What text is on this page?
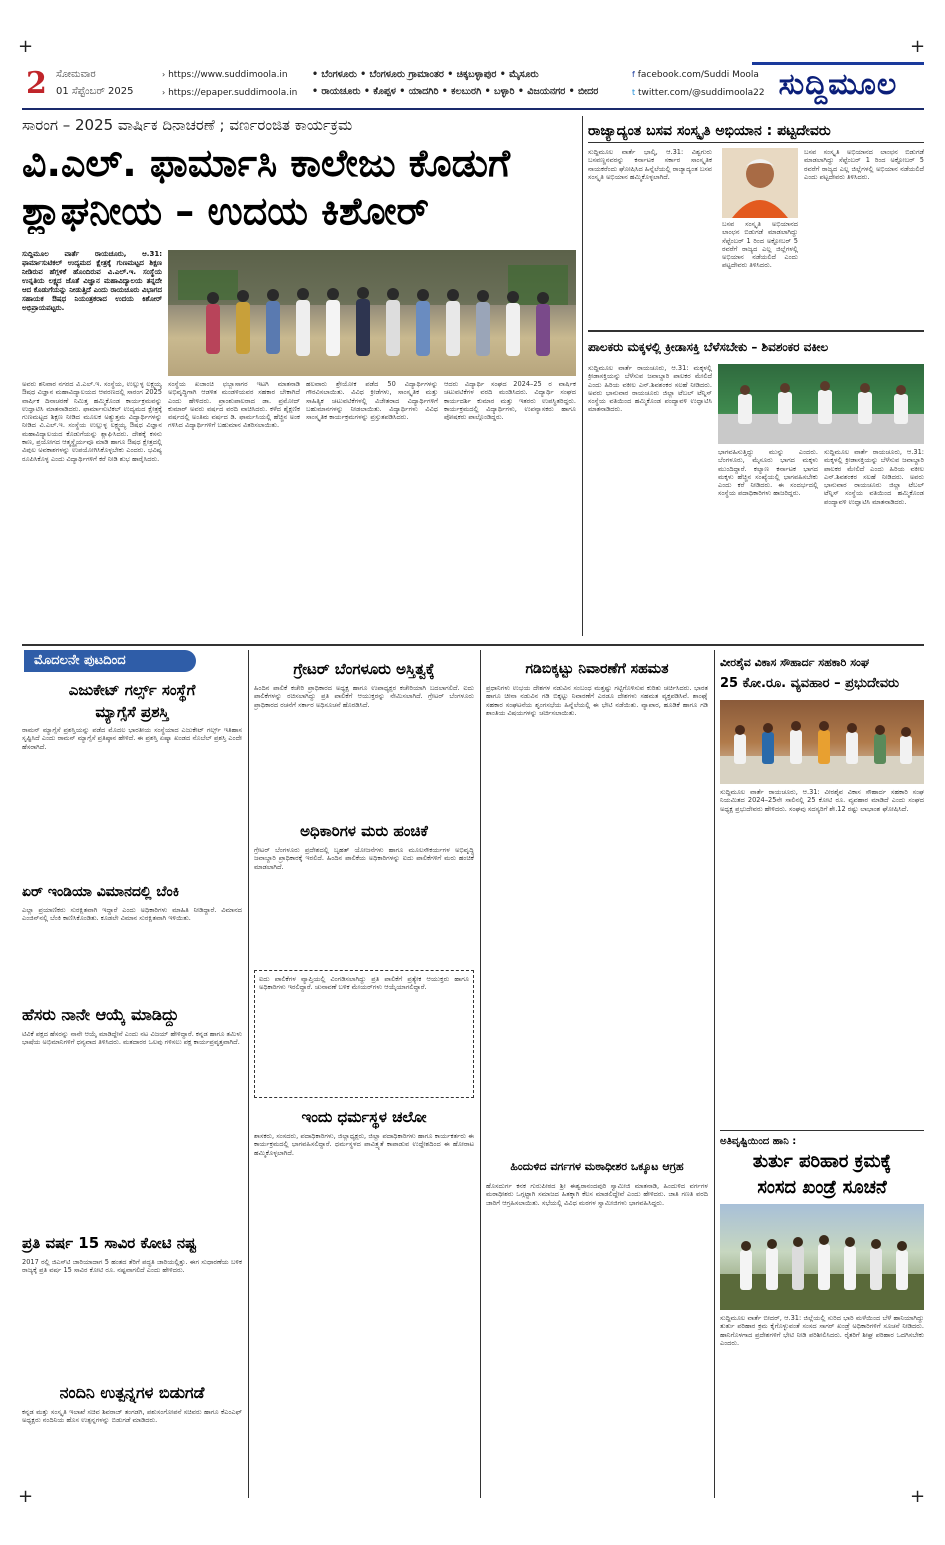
+	+
+	+
2 ಸೋಮವಾರ
01 ಸೆಪ್ಟೆಂಬರ್ 2025
› https://www.suddimoola.in
› https://epaper.suddimoola.in
• ಬೆಂಗಳೂರು • ಬೆಂಗಳೂರು ಗ್ರಾಮಾಂತರ • ಚಿಕ್ಕಬಳ್ಳಾಪುರ • ಮೈಸೂರು
• ರಾಯಚೂರು • ಕೊಪ್ಪಳ • ಯಾದಗಿರಿ • ಕಲಬುರಗಿ • ಬಳ್ಳಾರಿ • ವಿಜಯನಗರ • ಬೀದರ
f facebook.com/Suddi Moola
t twitter.com/@suddimoola22 ಸುದ್ದಿಮೂಲ
ಸಾರಂಗ – 2025 ವಾರ್ಷಿಕ ದಿನಾಚರಣೆ ; ವರ್ಣರಂಜಿತ ಕಾರ್ಯಕ್ರಮ
ವಿ.ಎಲ್. ಫಾರ್ಮಾಸಿ ಕಾಲೇಜು ಕೊಡುಗೆ
ಶ್ಲಾಘನೀಯ – ಉದಯ ಕಿಶೋರ್
ಸುದ್ದಿಮೂಲ ವಾರ್ತೆ ರಾಯಚೂರು, ಆ.31: ಫಾರ್ಮಾಸುಟಿಕಲ್ ಉದ್ಯಮದ ಕ್ಷೇತ್ರಕ್ಕೆ ಗುಣಮಟ್ಟದ ಶಿಕ್ಷಣ ನೀಡಿರುವ ಹೆಗ್ಗಳಿಕೆ ಹೊಂದಿರುವ ವಿ.ಎಲ್.ಇ. ಸಂಸ್ಥೆಯ ಉನ್ನತಿಯ ಲಕ್ಷ್ಯದ ಜೊತೆ ವಿಜ್ಞಾನ ಮಹಾವಿದ್ಯಾಲಯ ತನ್ನದೇ ಆದ ಕೊಡುಗೆಯನ್ನು ನೀಡುತ್ತಿದೆ ಎಂದು ರಾಯಚೂರು ವಿಭಾಗದ ಸಹಾಯಕ ಔಷಧ ನಿಯಂತ್ರಕರಾದ ಉದಯ ಕಿಶೋರ್ ಅಭಿಪ್ರಾಯಪಟ್ಟರು.
ಅವರು ಶನಿವಾರ ನಗರದ ವಿ.ಎಲ್.ಇ. ಸಂಸ್ಥೆಯ, ಉಲ್ಲುಳ್ಳ ಲಕ್ಷ್ಮಯ್ಯ ಔಷಧ ವಿಜ್ಞಾನ ಮಹಾವಿದ್ಯಾಲಯದ ಆವರಣದಲ್ಲಿ ಸಾರಂಗ 2025 ವಾರ್ಷಿಕ ದಿನಾಚರಣೆ ನಿಮಿತ್ತ ಹಮ್ಮಿಕೊಂಡ ಕಾರ್ಯಕ್ರಮವನ್ನು ಉದ್ಘಾಟಿಸಿ ಮಾತನಾಡಿದರು. ಫಾರ್ಮಾಸುಟಿಕಲ್ ಉದ್ಯಮದ ಕ್ಷೇತ್ರಕ್ಕೆ ಗುಣಮಟ್ಟದ ಶಿಕ್ಷಣ ನೀಡಿದ ಮೂಲಕ ಅತ್ಯುತ್ತಮ ವಿದ್ಯಾರ್ಥಿಗಳನ್ನು ನೀಡಿದ ವಿ.ಎಲ್.ಇ. ಸಂಸ್ಥೆಯ ಉಲ್ಲುಳ್ಳ ಲಕ್ಷ್ಮಯ್ಯ ಔಷಧ ವಿಜ್ಞಾನ ಮಹಾವಿದ್ಯಾಲಯದ ಕೊಡುಗೆಯನ್ನು ಶ್ಲಾಘಿಸಿದರು. ದೇಶಕ್ಕೆ ಕಸನು ಕಾಣ, ಪ್ರಯೋಗದ ಆತ್ಮಸ್ಥೈರ್ಯವೂ ಮಾಡಿ ಹಾಗೂ ಔಷಧ ಕ್ಷೇತ್ರದಲ್ಲಿ ವಿಪುಲ ಅವಕಾಶಗಳನ್ನು ಉಪಯೋಗಿಸಿಕೊಳ್ಳಬೇಕು ಎಂದರು. ಭವಿಷ್ಯ ರೂಪಿಸಿಕೊಳ್ಳ ಎಂದು ವಿದ್ಯಾರ್ಥಿಗಳಿಗೆ ಕರೆ ನೀಡಿ ಶುಭ ಹಾರೈಸಿದರು.
ಸಂಸ್ಥೆಯ ಖಜಾಂಚಿ ಛಬ್ಬಾಸಾಗರ ಇಟಗಿ ಮಾತನಾಡಿ ಅಭಿವೃದ್ಧಿಗಾಗಿ ಆಡಳಿತ ಮಂಡಳಿಯವರ ಸಹಕಾರ ಬೇಕಾಗಿದೆ ಎಂದು ಹೇಳಿದರು. ಪ್ರಾಂಶುಪಾಲರಾದ ಡಾ. ಪ್ರಮೋದ್ ಕುಮಾರ್ ಅವರು ವರ್ಷದ ವರದಿ ವಾಚಿಸಿದರು. ಕಳೆದ ಶೈಕ್ಷಣಿಕ ವರ್ಷದಲ್ಲಿ ಅಂತಿಮ ವರ್ಷದ ಡಿ. ಫಾರ್ಮಸಿಯಲ್ಲಿ ಹೆಚ್ಚಿನ ಅಂಕ ಗಳಿಸಿದ ವಿದ್ಯಾರ್ಥಿಗಳಿಗೆ ಬಹುಮಾನ ವಿತರಿಸಲಾಯಿತು.
ಹಲವಾರು ಶ್ರೇಯೋಕ ಪಡೆದ 50 ವಿದ್ಯಾರ್ಥಿಗಳನ್ನು ಗೌರವಿಸಲಾಯಿತು. ವಿವಿಧ ಕ್ರೀಡೆಗಳು, ಸಾಂಸ್ಕೃತಿಕ ಮತ್ತು ಸಾಹಿತ್ಯಿಕ ಚಟುವಟಿಕೆಗಳಲ್ಲಿ ವಿಜೇತರಾದ ವಿದ್ಯಾರ್ಥಿಗಳಿಗೆ ಬಹುಮಾನಗಳನ್ನು ನೀಡಲಾಯಿತು. ವಿದ್ಯಾರ್ಥಿಗಳು ವಿವಿಧ ಸಾಂಸ್ಕೃತಿಕ ಕಾರ್ಯಕ್ರಮಗಳನ್ನು ಪ್ರಸ್ತುತಪಡಿಸಿದರು.
ಆದರು ವಿದ್ಯಾರ್ಥಿ ಸಂಘದ 2024–25 ರ ವಾರ್ಷಿಕ ಚಟುವಟಿಕೆಗಳ ವರದಿ ಮಂಡಿಸಿದರು. ವಿದ್ಯಾರ್ಥಿ ಸಂಘದ ಕಾರ್ಯದರ್ಶಿ ಕುಮಾರ ಮತ್ತು ಇತರರು ಉಪಸ್ಥಿತರಿದ್ದರು. ಕಾರ್ಯಕ್ರಮದಲ್ಲಿ ವಿದ್ಯಾರ್ಥಿಗಳು, ಉಪನ್ಯಾಸಕರು ಹಾಗೂ ಪೋಷಕರು ಪಾಲ್ಗೊಂಡಿದ್ದರು.
ರಾಜ್ಯಾದ್ಯಂತ ಬಸವ ಸಂಸ್ಕೃತಿ ಅಭಿಯಾನ : ಪಟ್ಟದೇವರು
ಸುದ್ದಿಮೂಲ ವಾರ್ತೆ ಭಾಲ್ಕಿ, ಆ.31: ವಿಶ್ವಗುರು ಬಸವಣ್ಣನವರನ್ನು ಕರ್ನಾಟಕ ಸರ್ಕಾರ ಸಾಂಸ್ಕೃತಿಕ ನಾಯಕರೆಂದು ಘೋಷಿಸಿದ ಹಿನ್ನೆಲೆಯಲ್ಲಿ ರಾಜ್ಯಾದ್ಯಂತ ಬಸವ ಸಂಸ್ಕೃತಿ ಅಭಿಯಾನ ಹಮ್ಮಿಕೊಳ್ಳಲಾಗಿದೆ.
ಬಸವ ಸಂಸ್ಕೃತಿ ಅಭಿಯಾನದ ಲಾಂಛನ ಬಿಡುಗಡೆ ಮಾಡಲಾಗಿದ್ದು ಸೆಪ್ಟೆಂಬರ್ 1 ರಿಂದ ಅಕ್ಟೋಬರ್ 5 ರವರೆಗೆ ರಾಜ್ಯದ ಎಲ್ಲ ಜಿಲ್ಲೆಗಳಲ್ಲಿ ಅಭಿಯಾನ ನಡೆಯಲಿದೆ ಎಂದು ಪಟ್ಟದೇವರು ತಿಳಿಸಿದರು.
ಬಸವ ಸಂಸ್ಕೃತಿ ಅಭಿಯಾನದ ಲಾಂಛನ ಬಿಡುಗಡೆ ಮಾಡಲಾಗಿದ್ದು ಸೆಪ್ಟೆಂಬರ್ 1 ರಿಂದ ಅಕ್ಟೋಬರ್ 5 ರವರೆಗೆ ರಾಜ್ಯದ ಎಲ್ಲ ಜಿಲ್ಲೆಗಳಲ್ಲಿ ಅಭಿಯಾನ ನಡೆಯಲಿದೆ ಎಂದು ಪಟ್ಟದೇವರು ತಿಳಿಸಿದರು.
ಪಾಲಕರು ಮಕ್ಕಳಲ್ಲಿ ಕ್ರೀಡಾಸಕ್ತಿ ಬೆಳೆಸಬೇಕು – ಶಿವಶಂಕರ ವಕೀಲ
ಸುದ್ದಿಮೂಲ ವಾರ್ತೆ ರಾಯಚೂರು, ಆ.31: ಮಕ್ಕಳಲ್ಲಿ ಕ್ರೀಡಾಸಕ್ತಿಯನ್ನು ಬೆಳೆಸುವ ಜವಾಬ್ದಾರಿ ಪಾಲಕರ ಮೇಲಿದೆ ಎಂದು ಹಿರಿಯ ವಕೀಲ ಎನ್.ಶಿವಶಂಕರ ಸಲಹೆ ನೀಡಿದರು. ಅವರು ಭಾನುವಾರ ರಾಯಚೂರು ಜಿಲ್ಲಾ ಟೆಬಲ್ ಟೆನ್ನಿಸ್ ಸಂಸ್ಥೆಯ ವತಿಯಿಂದ ಹಮ್ಮಿಕೊಂಡ ಪಂದ್ಯಾವಳಿ ಉದ್ಘಾಟಿಸಿ ಮಾತನಾಡಿದರು.
ಭಾಗವಹಿಸುತ್ತಿದ್ದು ಮುನ್ನು ಎಂದರು. ಬೆಂಗಳೂರು, ಮೈಸೂರು ಭಾಗದ ಮಕ್ಕಳು ಮುಂದಿದ್ದಾರೆ. ಕಲ್ಯಾಣ ಕರ್ನಾಟಕ ಭಾಗದ ಮಕ್ಕಳು ಹೆಚ್ಚಿನ ಸಂಖ್ಯೆಯಲ್ಲಿ ಭಾಗವಹಿಸಬೇಕು ಎಂದು ಕರೆ ನೀಡಿದರು. ಈ ಸಂದರ್ಭದಲ್ಲಿ ಸಂಸ್ಥೆಯ ಪದಾಧಿಕಾರಿಗಳು ಹಾಜರಿದ್ದರು.
ಸುದ್ದಿಮೂಲ ವಾರ್ತೆ ರಾಯಚೂರು, ಆ.31: ಮಕ್ಕಳಲ್ಲಿ ಕ್ರೀಡಾಸಕ್ತಿಯನ್ನು ಬೆಳೆಸುವ ಜವಾಬ್ದಾರಿ ಪಾಲಕರ ಮೇಲಿದೆ ಎಂದು ಹಿರಿಯ ವಕೀಲ ಎನ್.ಶಿವಶಂಕರ ಸಲಹೆ ನೀಡಿದರು. ಅವರು ಭಾನುವಾರ ರಾಯಚೂರು ಜಿಲ್ಲಾ ಟೆಬಲ್ ಟೆನ್ನಿಸ್ ಸಂಸ್ಥೆಯ ವತಿಯಿಂದ ಹಮ್ಮಿಕೊಂಡ ಪಂದ್ಯಾವಳಿ ಉದ್ಘಾಟಿಸಿ ಮಾತನಾಡಿದರು.
ಮೊದಲನೇ ಪುಟದಿಂದ
ಎಜುಕೇಟ್ ಗರ್ಲ್ಸ್ ಸಂಸ್ಥೆಗೆ
ಮ್ಯಾಗ್ಸೆಸೆ ಪ್ರಶಸ್ತಿ
ರಾಮನ್ ಮ್ಯಾಗ್ಸೆಸೆ ಪ್ರಶಸ್ತಿಯನ್ನು ಪಡೆದ ಮೊದಲ ಭಾರತೀಯ ಸಂಸ್ಥೆಯಾದ ಎಜುಕೇಟ್ ಗರ್ಲ್ಸ್ ಇತಿಹಾಸ ಸೃಷ್ಟಿಸಿದೆ ಎಂದು ರಾಮನ್ ಮ್ಯಾಗ್ಸೆಸೆ ಪ್ರತಿಷ್ಠಾನ ಹೇಳಿದೆ. ಈ ಪ್ರಶಸ್ತಿ ಏಷ್ಯಾ ಖಂಡದ ನೊಬೆಲ್ ಪ್ರಶಸ್ತಿ ಎಂದೇ ಹೆಸರಾಗಿದೆ.
ಏರ್ ಇಂಡಿಯಾ ವಿಮಾನದಲ್ಲಿ ಬೆಂಕಿ
ಎಲ್ಲಾ ಪ್ರಯಾಣಿಕರು ಸುರಕ್ಷಿತವಾಗಿ ಇದ್ದಾರೆ ಎಂದು ಅಧಿಕಾರಿಗಳು ಮಾಹಿತಿ ನೀಡಿದ್ದಾರೆ. ವಿಮಾನದ ಎಂಜಿನ್‌ನಲ್ಲಿ ಬೆಂಕಿ ಕಾಣಿಸಿಕೊಂಡಿತು. ಕೂಡಲೇ ವಿಮಾನ ಸುರಕ್ಷಿತವಾಗಿ ಇಳಿಯಿತು.
ಹೆಸರು ನಾನೇ ಆಯ್ಕೆ ಮಾಡಿದ್ದು
ಟಿವಿಕೆ ಪಕ್ಷದ ಹೆಸರನ್ನು ನಾನೇ ಆಯ್ಕೆ ಮಾಡಿದ್ದೇನೆ ಎಂದು ನಟ ವಿಜಯ್ ಹೇಳಿದ್ದಾರೆ. ಕನ್ನಡ ಹಾಗೂ ತಮಿಳು ಭಾಷೆಯ ಅಭಿಮಾನಿಗಳಿಗೆ ಧನ್ಯವಾದ ತಿಳಿಸಿದರು. ಮತದಾರರ ಒಲವು ಗಳಿಸಲು ಪಕ್ಷ ಕಾರ್ಯಪ್ರವೃತ್ತವಾಗಿದೆ.
ಪ್ರತಿ ವರ್ಷ 15 ಸಾವಿರ ಕೋಟಿ ನಷ್ಟ
2017 ರಲ್ಲಿ ಜಿಎಸ್‌ಟಿ ಜಾರಿಯಾದಾಗ 5 ಹಂತದ ತೆರಿಗೆ ಪದ್ಧತಿ ಜಾರಿಯಲ್ಲಿತ್ತು. ಈಗ ಸುಧಾರಣೆಯ ಬಳಿಕ ರಾಜ್ಯಕ್ಕೆ ಪ್ರತಿ ವರ್ಷ 15 ಸಾವಿರ ಕೋಟಿ ರೂ. ನಷ್ಟವಾಗಲಿದೆ ಎಂದು ಹೇಳಿದರು.
ನಂದಿನಿ ಉತ್ಪನ್ನಗಳ ಬಿಡುಗಡೆ
ಕನ್ನಡ ಮತ್ತು ಸಂಸ್ಕೃತಿ ಇಲಾಖೆ ಸಚಿವ ಶಿವರಾಜ್ ತಂಗಡಗಿ, ಪಶುಸಂಗೋಪನೆ ಸಚಿವರು ಹಾಗೂ ಕೆಎಂಎಫ್ ಅಧ್ಯಕ್ಷರು ನಂದಿನಿಯ ಹೊಸ ಉತ್ಪನ್ನಗಳನ್ನು ಬಿಡುಗಡೆ ಮಾಡಿದರು.
ಗ್ರೇಟರ್ ಬೆಂಗಳೂರು ಅಸ್ತಿತ್ವಕ್ಕೆ
ಹಿಂದಿನ ಪಾಲಿಕೆ ಕಚೇರಿ ಪ್ರಾಧಿಕಾರದ ಅಧ್ಯಕ್ಷ ಹಾಗೂ ಉಪಾಧ್ಯಕ್ಷರ ಕಚೇರಿಯಾಗಿ ಬದಲಾಗಲಿದೆ. ಐದು ಪಾಲಿಕೆಗಳನ್ನು ರಚಿಸಲಾಗಿದ್ದು ಪ್ರತಿ ಪಾಲಿಕೆಗೆ ಆಯುಕ್ತರನ್ನು ನೇಮಿಸಲಾಗಿದೆ. ಗ್ರೇಟರ್ ಬೆಂಗಳೂರು ಪ್ರಾಧಿಕಾರದ ರಚನೆಗೆ ಸರ್ಕಾರ ಅಧಿಸೂಚನೆ ಹೊರಡಿಸಿದೆ.
ಅಧಿಕಾರಿಗಳ ಮರು ಹಂಚಿಕೆ
ಗ್ರೇಟರ್ ಬೆಂಗಳೂರು ಪ್ರದೇಶದಲ್ಲಿ ಬೃಹತ್ ಯೋಜನೆಗಳು ಹಾಗೂ ಮೂಲಸೌಕರ್ಯಗಳ ಅಭಿವೃದ್ಧಿ ಜವಾಬ್ದಾರಿ ಪ್ರಾಧಿಕಾರಕ್ಕೆ ಇರಲಿದೆ. ಹಿಂದಿನ ಪಾಲಿಕೆಯ ಅಧಿಕಾರಿಗಳನ್ನು ಐದು ಪಾಲಿಕೆಗಳಿಗೆ ಮರು ಹಂಚಿಕೆ ಮಾಡಲಾಗಿದೆ.
ಐದು ಪಾಲಿಕೆಗಳ ವ್ಯಾಪ್ತಿಯಲ್ಲಿ ವಿಂಗಡಿಸಲಾಗಿದ್ದು ಪ್ರತಿ ಪಾಲಿಕೆಗೆ ಪ್ರತ್ಯೇಕ ಆಯುಕ್ತರು ಹಾಗೂ ಅಧಿಕಾರಿಗಳು ಇರಲಿದ್ದಾರೆ. ಚುನಾವಣೆ ಬಳಿಕ ಮೇಯರ್‌ಗಳು ಆಯ್ಕೆಯಾಗಲಿದ್ದಾರೆ.
ಇಂದು ಧರ್ಮಸ್ಥಳ ಚಲೋ
ಶಾಸಕರು, ಸಂಸದರು, ಪದಾಧಿಕಾರಿಗಳು, ಜಿಲ್ಲಾಧ್ಯಕ್ಷರು, ಜಿಲ್ಲಾ ಪದಾಧಿಕಾರಿಗಳು ಹಾಗೂ ಕಾರ್ಯಕರ್ತರು ಈ ಕಾರ್ಯಕ್ರಮದಲ್ಲಿ ಭಾಗವಹಿಸಲಿದ್ದಾರೆ. ಧರ್ಮಸ್ಥಳದ ಪಾವಿತ್ರ್ಯತೆ ಕಾಪಾಡುವ ಉದ್ದೇಶದಿಂದ ಈ ಹೋರಾಟ ಹಮ್ಮಿಕೊಳ್ಳಲಾಗಿದೆ.
ಗಡಿಬಿಕ್ಕಟ್ಟು ನಿವಾರಣೆಗೆ ಸಹಮತ
ಪ್ರಧಾನಿಗಳು ಉಭಯ ದೇಶಗಳ ನಡುವಿನ ಸಂಬಂಧ ಮತ್ತಷ್ಟು ಗಟ್ಟಿಗೊಳಿಸುವ ಕುರಿತು ಚರ್ಚಿಸಿದರು. ಭಾರತ ಹಾಗೂ ಚೀನಾ ನಡುವಿನ ಗಡಿ ಬಿಕ್ಕಟ್ಟು ನಿವಾರಣೆಗೆ ಎರಡೂ ದೇಶಗಳು ಸಹಮತ ವ್ಯಕ್ತಪಡಿಸಿವೆ. ಶಾಂಘೈ ಸಹಕಾರ ಸಂಘಟನೆಯ ಶೃಂಗಸಭೆಯ ಹಿನ್ನೆಲೆಯಲ್ಲಿ ಈ ಭೇಟಿ ನಡೆಯಿತು. ವ್ಯಾಪಾರ, ಹೂಡಿಕೆ ಹಾಗೂ ಗಡಿ ಶಾಂತಿಯ ವಿಷಯಗಳನ್ನು ಚರ್ಚಿಸಲಾಯಿತು.
ಹಿಂದುಳಿದ ವರ್ಗಗಳ ಮಠಾಧೀಶರ ಒಕ್ಕೂಟ ಆಗ್ರಹ
ಹೊಸದುರ್ಗ ಕನಕ ಗುರುಪೀಠದ ಶ್ರೀ ಈಶ್ವರಾನಂದಪುರಿ ಸ್ವಾಮೀಜಿ ಮಾತನಾಡಿ, ಹಿಂದುಳಿದ ವರ್ಗಗಳ ಮಠಾಧೀಶರು ಒಗ್ಗಟ್ಟಾಗಿ ಸಮಾಜದ ಹಿತಕ್ಕಾಗಿ ಕೆಲಸ ಮಾಡಲಿದ್ದೇವೆ ಎಂದು ಹೇಳಿದರು. ಜಾತಿ ಗಣತಿ ವರದಿ ಜಾರಿಗೆ ಆಗ್ರಹಿಸಲಾಯಿತು. ಸಭೆಯಲ್ಲಿ ವಿವಿಧ ಮಠಗಳ ಸ್ವಾಮೀಜಿಗಳು ಭಾಗವಹಿಸಿದ್ದರು.
ವೀರಶೈವ ವಿಕಾಸ ಸೌಹಾರ್ದ ಸಹಕಾರಿ ಸಂಘ
25 ಕೋ.ರೂ. ವ್ಯವಹಾರ – ಪ್ರಭುದೇವರು
ಸುದ್ದಿಮೂಲ ವಾರ್ತೆ ರಾಯಚೂರು, ಆ.31: ವೀರಶೈವ ವಿಕಾಸ ಸೌಹಾರ್ದ ಸಹಕಾರಿ ಸಂಘ ನಿಯಮಿತದ 2024–25ನೇ ಸಾಲಿನಲ್ಲಿ 25 ಕೋಟಿ ರೂ. ವ್ಯವಹಾರ ಮಾಡಿದೆ ಎಂದು ಸಂಘದ ಅಧ್ಯಕ್ಷ ಪ್ರಭುದೇವರು ಹೇಳಿದರು. ಸಂಘವು ಸದಸ್ಯರಿಗೆ ಶೇ.12 ರಷ್ಟು ಲಾಭಾಂಶ ಘೋಷಿಸಿದೆ.
ಅತಿವೃಷ್ಟಿಯಿಂದ ಹಾನಿ :
ತುರ್ತು ಪರಿಹಾರ ಕ್ರಮಕ್ಕೆ
ಸಂಸದ ಖಂಡ್ರೆ ಸೂಚನೆ
ಸುದ್ದಿಮೂಲ ವಾರ್ತೆ ಬೀದರ್, ಆ.31: ಜಿಲ್ಲೆಯಲ್ಲಿ ಸುರಿದ ಭಾರಿ ಮಳೆಯಿಂದ ಬೆಳೆ ಹಾನಿಯಾಗಿದ್ದು ತುರ್ತು ಪರಿಹಾರ ಕ್ರಮ ಕೈಗೊಳ್ಳುವಂತೆ ಸಂಸದ ಸಾಗರ್ ಖಂಡ್ರೆ ಅಧಿಕಾರಿಗಳಿಗೆ ಸೂಚನೆ ನೀಡಿದರು. ಹಾನಿಗೊಳಗಾದ ಪ್ರದೇಶಗಳಿಗೆ ಭೇಟಿ ನೀಡಿ ಪರಿಶೀಲಿಸಿದರು. ರೈತರಿಗೆ ಶೀಘ್ರ ಪರಿಹಾರ ಒದಗಿಸಬೇಕು ಎಂದರು.
